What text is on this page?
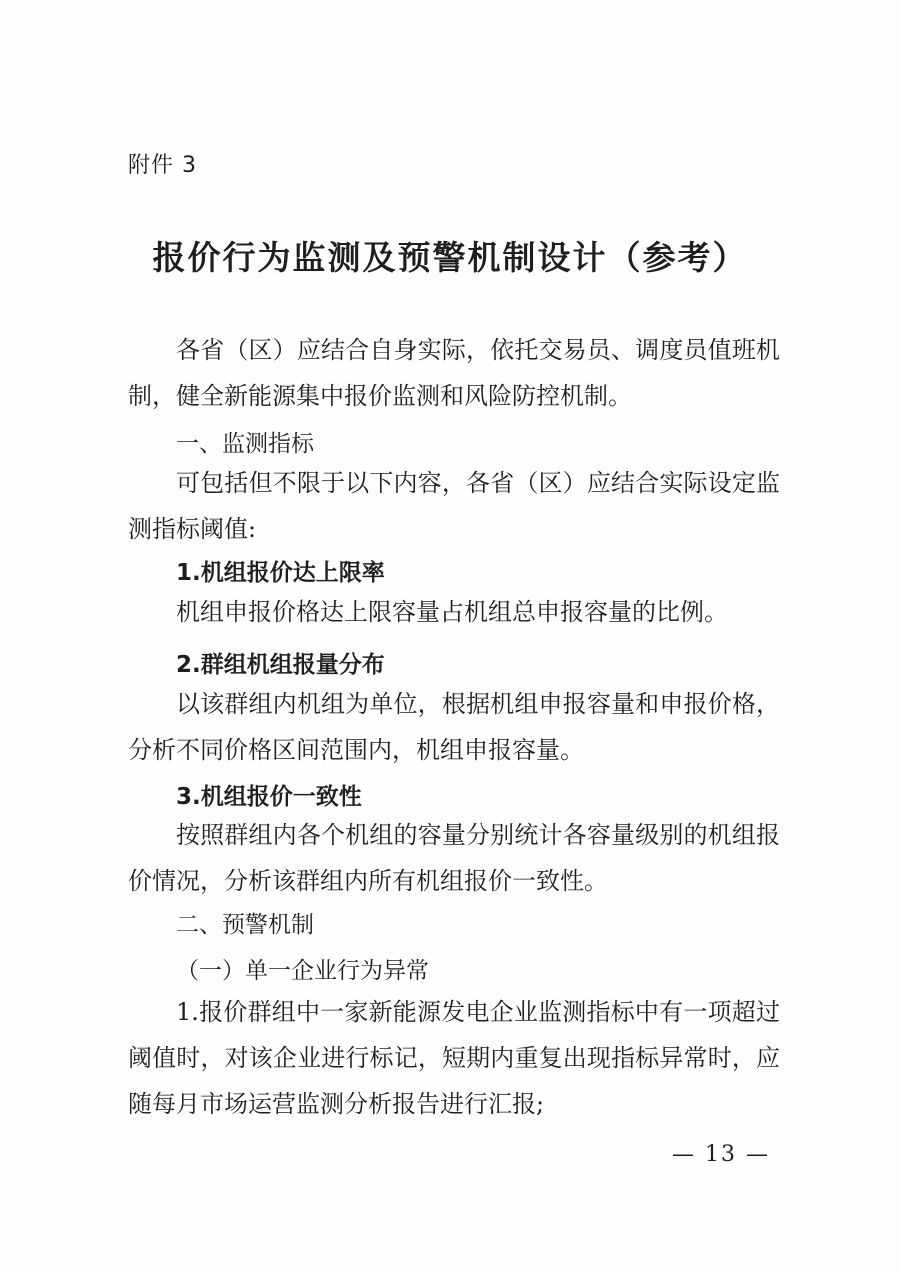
附件 3
报价行为监测及预警机制设计（参考）
各省（区）应结合自身实际，依托交易员、调度员值班机制，健全新能源集中报价监测和风险防控机制。
一、监测指标
可包括但不限于以下内容，各省（区）应结合实际设定监测指标阈值:
1.机组报价达上限率
机组申报价格达上限容量占机组总申报容量的比例。
2.群组机组报量分布
以该群组内机组为单位，根据机组申报容量和申报价格，分析不同价格区间范围内，机组申报容量。
3.机组报价一致性
按照群组内各个机组的容量分别统计各容量级别的机组报价情况，分析该群组内所有机组报价一致性。
二、预警机制
（一）单一企业行为异常
1.报价群组中一家新能源发电企业监测指标中有一项超过阈值时，对该企业进行标记，短期内重复出现指标异常时，应随每月市场运营监测分析报告进行汇报;
— 13 —
